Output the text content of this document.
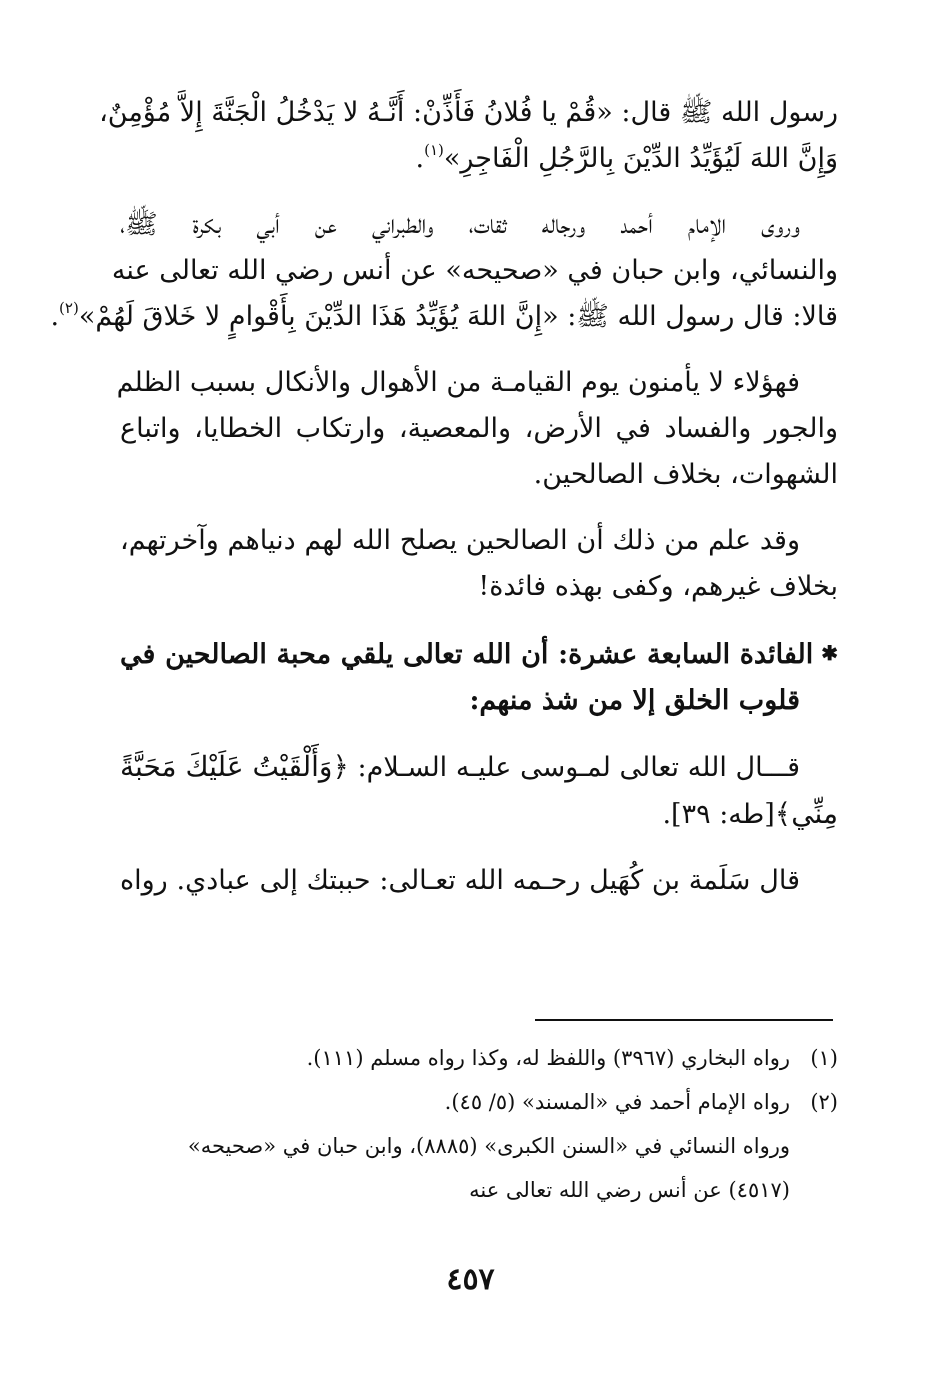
رسول الله ﷺ قال: «قُمْ يا فُلانُ فَأَذِّنْ: أَنَّـهُ لا يَدْخُلُ الْجَنَّةَ إِلاَّ مُؤْمِنٌ،

وَإِنَّ اللهَ لَيُؤَيِّدُ الدِّيْنَ بِالرَّجُلِ الْفَاجِرِ»$^{(١)}$.

وروى الإمام أحمد ورجاله ثقات، والطبراني عن أبي بكرة ﷺ،

والنسائي، وابن حبان في «صحيحه» عن أنس رضي الله تعالى عنه

قالا: قال رسول الله ﷺ: «إِنَّ اللهَ يُؤَيِّدُ هَذَا الدِّيْنَ بِأَقْوامٍ لا خَلاقَ لَهُمْ»$^{(٢)}$.

فهؤلاء لا يأمنون يوم القيامـة من الأهوال والأنكال بسبب الظلم

والجور والفساد في الأرض، والمعصية، وارتكاب الخطايا، واتباع

الشهوات، بخلاف الصالحين.

وقد علم من ذلك أن الصالحين يصلح الله لهم دنياهم وآخرتهم،

بخلاف غيرهم، وكفى بهذه فائدة!

✱الفائدة السابعة عشرة: أن الله تعالى يلقي محبة الصالحين في

قلوب الخلق إلا من شذ منهم:

قـــال الله تعالى لمـوسى عليـه السـلام: ﴿وَأَلْقَيْتُ عَلَيْكَ مَحَبَّةً

مِنِّي﴾[طه: ٣٩].

قال سَلَمة بن كُهَيل رحـمه الله تعـالى: حببتك إلى عبادي. رواه

(١)رواه البخاري (٣٩٦٧) واللفظ له، وكذا رواه مسلم (١١١).

(٢)رواه الإمام أحمد في «المسند» (٥/ ٤٥).

ورواه النسائي في «السنن الكبرى» (٨٨٨٥)، وابن حبان في «صحيحه»

(٤٥١٧) عن أنس رضي الله تعالى عنه

٤٥٧
